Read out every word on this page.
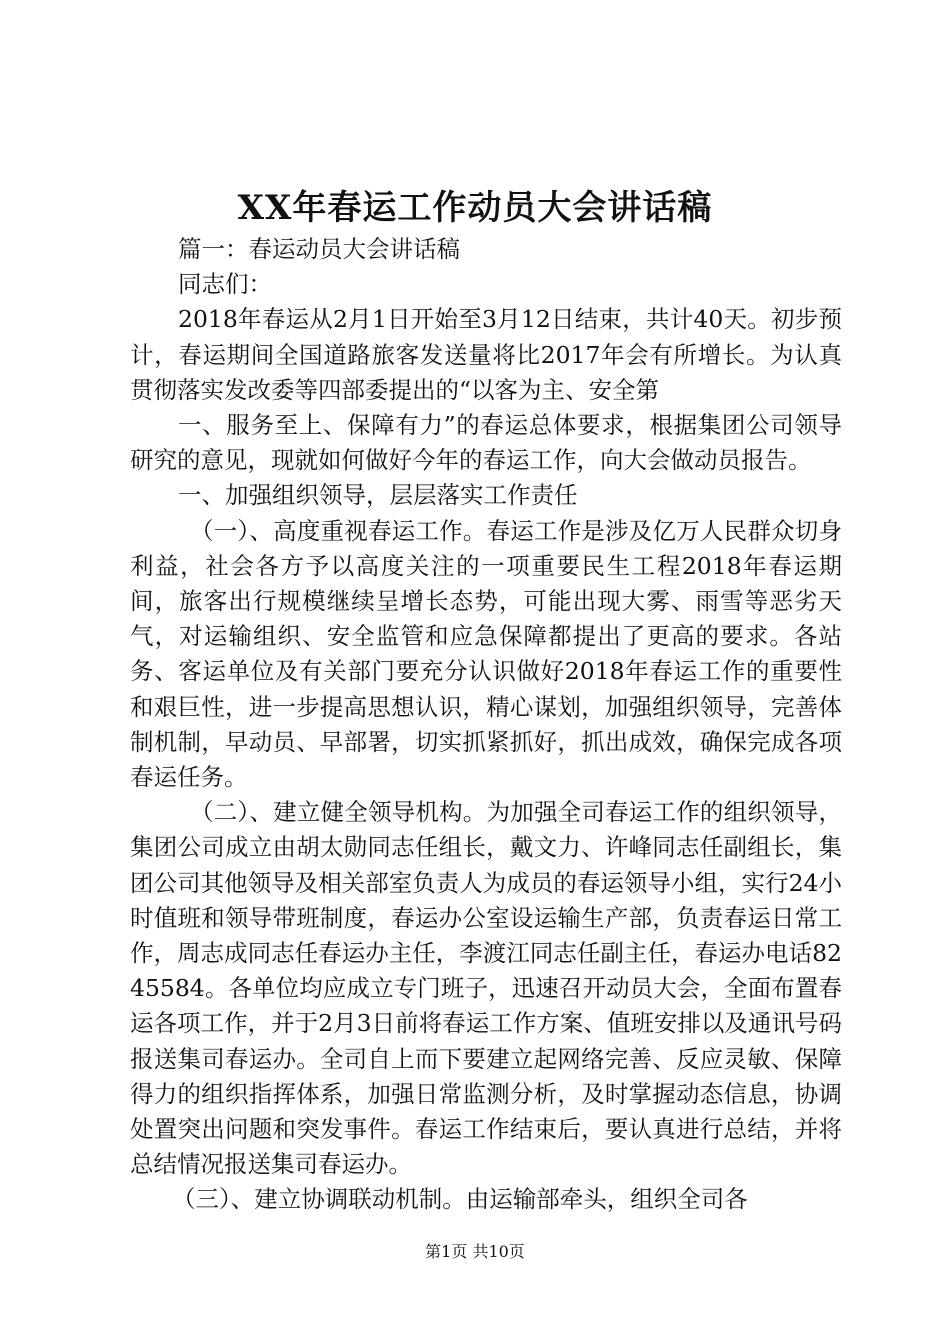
XX年春运工作动员大会讲话稿

篇一：春运动员大会讲话稿

同志们：

2018年春运从2月1日开始至3月12日结束，共计40天。初步预计，春运期间全国道路旅客发送量将比2017年会有所增长。为认真贯彻落实发改委等四部委提出的“以客为主、安全第

一、服务至上、保障有力”的春运总体要求，根据集团公司领导研究的意见，现就如何做好今年的春运工作，向大会做动员报告。

一、加强组织领导，层层落实工作责任

（一）、高度重视春运工作。春运工作是涉及亿万人民群众切身利益，社会各方予以高度关注的一项重要民生工程2018年春运期间，旅客出行规模继续呈增长态势，可能出现大雾、雨雪等恶劣天气，对运输组织、安全监管和应急保障都提出了更高的要求。各站务、客运单位及有关部门要充分认识做好2018年春运工作的重要性和艰巨性，进一步提高思想认识，精心谋划，加强组织领导，完善体制机制，早动员、早部署，切实抓紧抓好，抓出成效，确保完成各项春运任务。

（二）、建立健全领导机构。为加强全司春运工作的组织领导，集团公司成立由胡太勋同志任组长，戴文力、许峰同志任副组长，集团公司其他领导及相关部室负责人为成员的春运领导小组，实行24小时值班和领导带班制度，春运办公室设运输生产部，负责春运日常工作，周志成同志任春运办主任，李渡江同志任副主任，春运办电话8245584。各单位均应成立专门班子，迅速召开动员大会，全面布置春运各项工作，并于2月3日前将春运工作方案、值班安排以及通讯号码报送集司春运办。全司自上而下要建立起网络完善、反应灵敏、保障得力的组织指挥体系，加强日常监测分析，及时掌握动态信息，协调处置突出问题和突发事件。春运工作结束后，要认真进行总结，并将总结情况报送集司春运办。

（三）、建立协调联动机制。由运输部牵头，组织全司各

第1页 共10页
